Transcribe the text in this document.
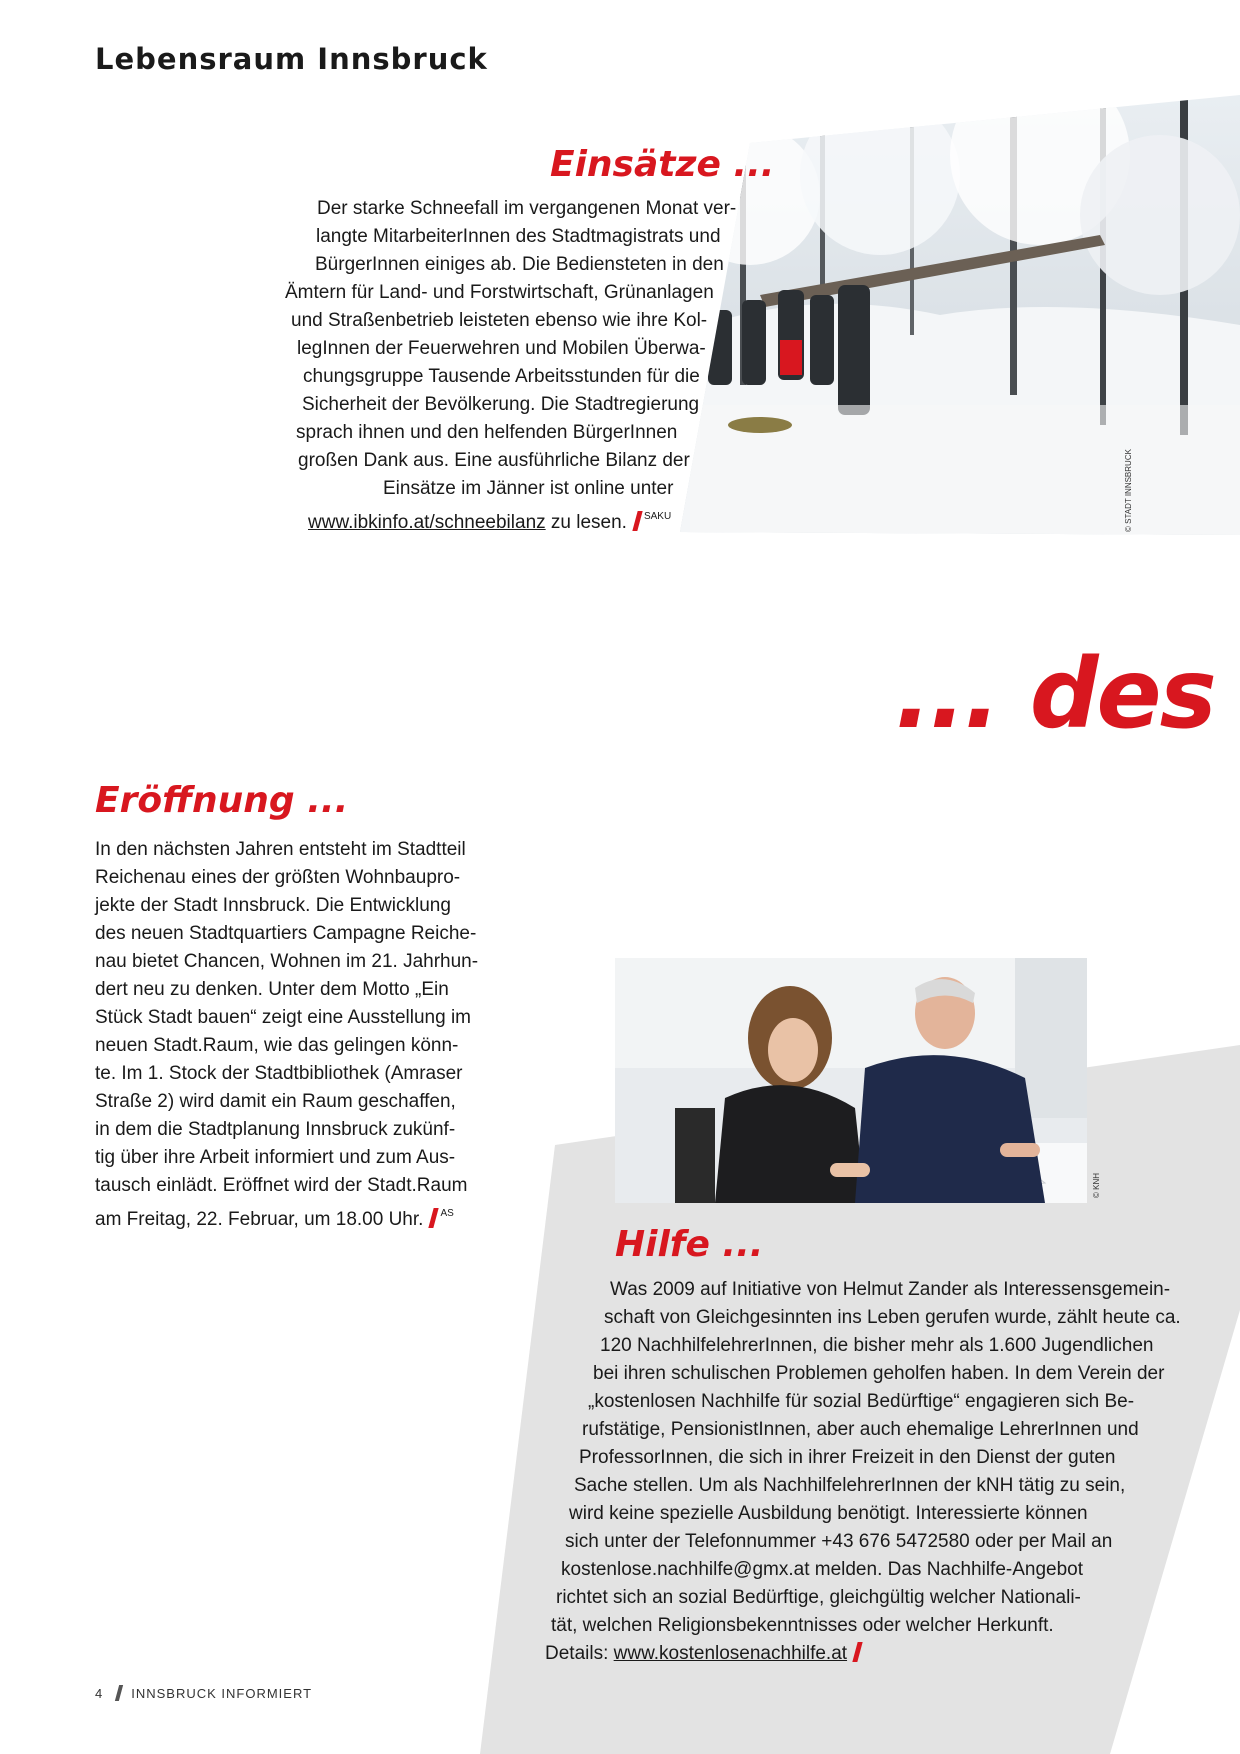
Lebensraum Innsbruck
© STADT INNSBRUCK
Einsätze ...
Der starke Schneefall im vergangenen Monat ver-
langte MitarbeiterInnen des Stadtmagistrats und
BürgerInnen einiges ab. Die Bediensteten in den
Ämtern für Land- und Forstwirtschaft, Grünanlagen
und Straßenbetrieb leisteten ebenso wie ihre Kol-
legInnen der Feuerwehren und Mobilen Überwa-
chungsgruppe Tausende Arbeitsstunden für die
Sicherheit der Bevölkerung. Die Stadtregierung
sprach ihnen und den helfenden BürgerInnen
großen Dank aus. Eine ausführliche Bilanz der
Einsätze im Jänner ist online unter
www.ibkinfo.at/schneebilanz zu lesen. $^{SAKU}$
... des
Eröffnung ...
In den nächsten Jahren entsteht im Stadtteil
Reichenau eines der größten Wohnbaupro-
jekte der Stadt Innsbruck. Die Entwicklung
des neuen Stadtquartiers Campagne Reiche-
nau bietet Chancen, Wohnen im 21. Jahrhun-
dert neu zu denken. Unter dem Motto „Ein
Stück Stadt bauen“ zeigt eine Ausstellung im
neuen Stadt.Raum, wie das gelingen könn-
te. Im 1. Stock der Stadtbibliothek (Amraser
Straße 2) wird damit ein Raum geschaffen,
in dem die Stadtplanung Innsbruck zukünf-
tig über ihre Arbeit informiert und zum Aus-
tausch einlädt. Eröffnet wird der Stadt.Raum
am Freitag, 22. Februar, um 18.00 Uhr. $^{AS}$
© KNH
Hilfe ...
Was 2009 auf Initiative von Helmut Zander als Interessensgemein-
schaft von Gleichgesinnten ins Leben gerufen wurde, zählt heute ca.
120 NachhilfelehrerInnen, die bisher mehr als 1.600 Jugendlichen
bei ihren schulischen Problemen geholfen haben. In dem Verein der
„kostenlosen Nachhilfe für sozial Bedürftige“ engagieren sich Be-
rufstätige, PensionistInnen, aber auch ehemalige LehrerInnen und
ProfessorInnen, die sich in ihrer Freizeit in den Dienst der guten
Sache stellen. Um als NachhilfelehrerInnen der kNH tätig zu sein,
wird keine spezielle Ausbildung benötigt. Interessierte können
sich unter der Telefonnummer +43 676 5472580 oder per Mail an
kostenlose.nachhilfe@gmx.at melden. Das Nachhilfe-Angebot
richtet sich an sozial Bedürftige, gleichgültig welcher Nationali-
tät, welchen Religionsbekenntnisses oder welcher Herkunft.
Details: www.kostenlosenachhilfe.at
4 INNSBRUCK INFORMIERT
